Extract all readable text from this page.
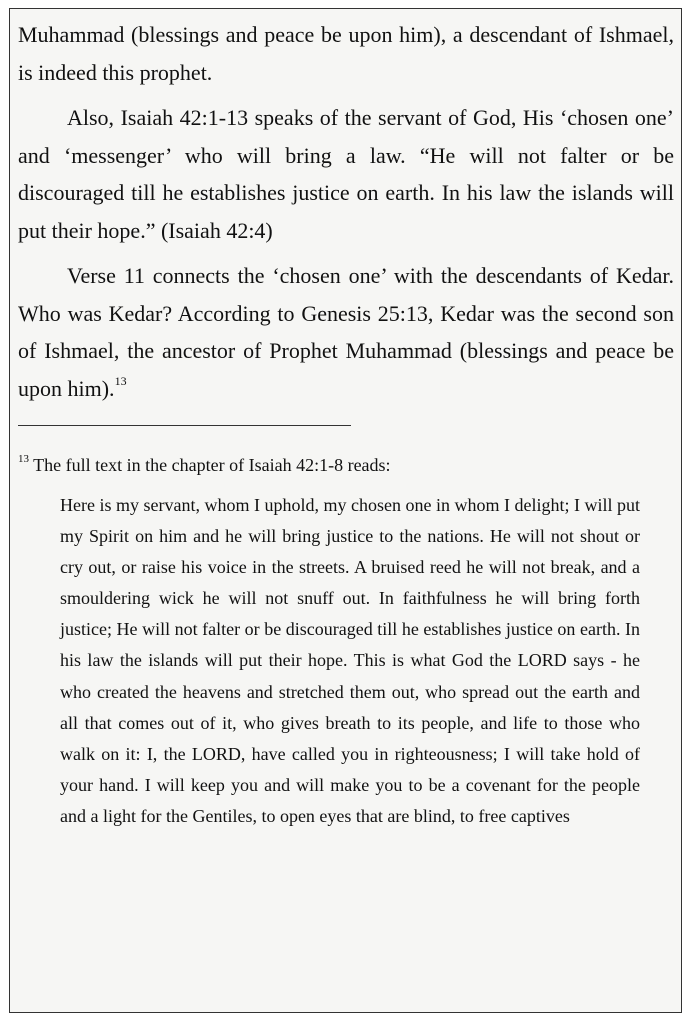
Muhammad (blessings and peace be upon him), a descendant of Ishmael, is indeed this prophet.

Also, Isaiah 42:1-13 speaks of the servant of God, His ‘chosen one’ and ‘messenger’ who will bring a law. “He will not falter or be discouraged till he establishes justice on earth. In his law the islands will put their hope.” (Isaiah 42:4)

Verse 11 connects the ‘chosen one’ with the descendants of Kedar. Who was Kedar? According to Genesis 25:13, Kedar was the second son of Ishmael, the ancestor of Prophet Muhammad (blessings and peace be upon him).$^{13}$

$^{13}$ The full text in the chapter of Isaiah 42:1-8 reads:

Here is my servant, whom I uphold, my chosen one in whom I delight; I will put my Spirit on him and he will bring justice to the nations. He will not shout or cry out, or raise his voice in the streets. A bruised reed he will not break, and a smouldering wick he will not snuff out. In faithfulness he will bring forth justice; He will not falter or be discouraged till he establishes justice on earth. In his law the islands will put their hope. This is what God the LORD says - he who created the heavens and stretched them out, who spread out the earth and all that comes out of it, who gives breath to its people, and life to those who walk on it: I, the LORD, have called you in righteousness; I will take hold of your hand. I will keep you and will make you to be a covenant for the people and a light for the Gentiles, to open eyes that are blind, to free captives
